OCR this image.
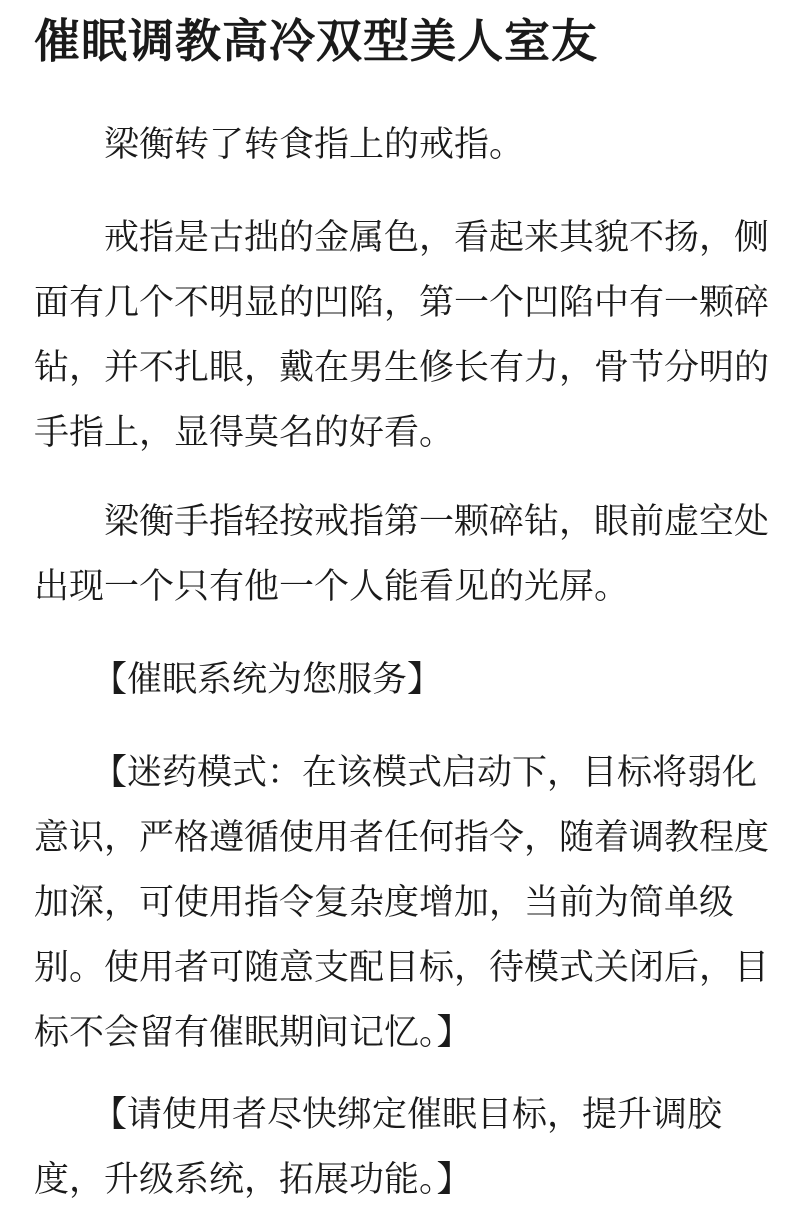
催眠调教高冷双型美人室友

梁衡转了转食指上的戒指。

戒指是古拙的金属色，看起来其貌不扬，侧面有几个不明显的凹陷，第一个凹陷中有一颗碎钻，并不扎眼，戴在男生修长有力，骨节分明的手指上，显得莫名的好看。

梁衡手指轻按戒指第一颗碎钻，眼前虚空处出现一个只有他一个人能看见的光屏。

【催眠系统为您服务】

【迷药模式：在该模式启动下，目标将弱化意识，严格遵循使用者任何指令，随着调教程度加深，可使用指令复杂度增加，当前为简单级别。使用者可随意支配目标，待模式关闭后，目标不会留有催眠期间记忆。】

【请使用者尽快绑定催眠目标，提升调胶度，升级系统，拓展功能。】
